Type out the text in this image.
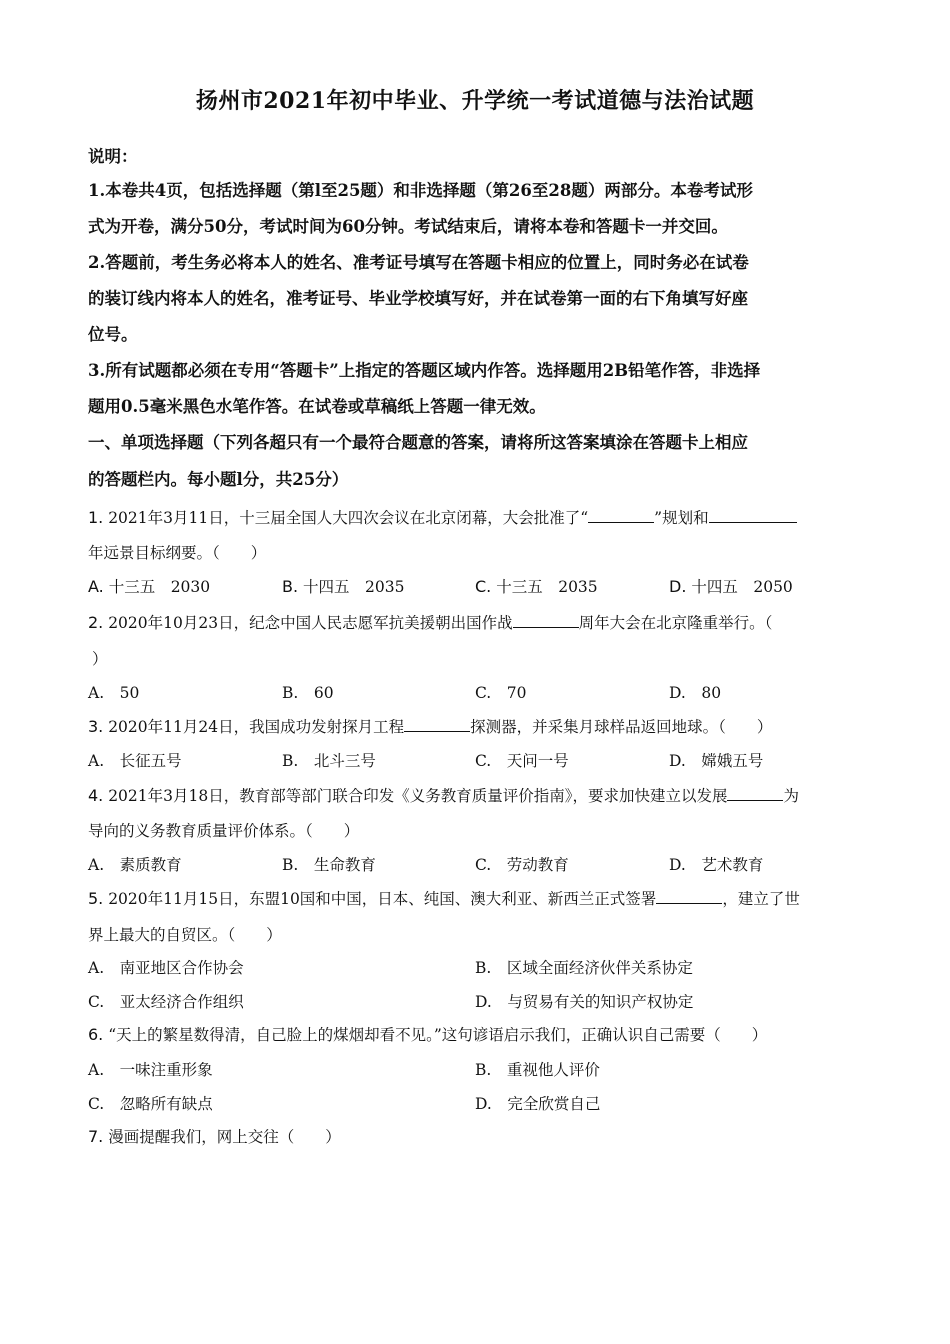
扬州市2021年初中毕业、升学统一考试道德与法治试题
说明：
1.本卷共4页，包括选择题（第l至25题）和非选择题（第26至28题）两部分。本卷考试形
式为开卷，满分50分，考试时间为60分钟。考试结束后，请将本卷和答题卡一并交回。
2.答题前，考生务必将本人的姓名、准考证号填写在答题卡相应的位置上，同时务必在试卷
的装订线内将本人的姓名，准考证号、毕业学校填写好，并在试卷第一面的右下角填写好座
位号。
3.所有试题都必须在专用“答题卡”上指定的答题区域内作答。选择题用2B铅笔作答，非选择
题用0.5毫米黑色水笔作答。在试卷或草稿纸上答题一律无效。
一、单项选择题（下列各超只有一个最符合题意的答案，请将所这答案填涂在答题卡上相应
的答题栏内。每小题l分，共25分）
1. 2021年3月11日，十三届全国人大四次会议在北京闭幕，大会批准了“	”规划和
年远景目标纲要。（　　）
A. 十三五　2030	B. 十四五　2035	C. 十三五　2035	D. 十四五　2050
2. 2020年10月23日，纪念中国人民志愿军抗美援朝出国作战	周年大会在北京隆重举行。（
）
A.　 50	B.　 60	C.　 70	D.　 80
3. 2020年11月24日，我国成功发射探月工程	探测器，并采集月球样品返回地球。（　　）
A.　 长征五号	B.　 北斗三号	C.　 天问一号	D.　 嫦娥五号
4. 2021年3月18日，教育部等部门联合印发《义务教育质量评价指南》，要求加快建立以发展	为
导向的义务教育质量评价体系。（　　）
A.　 素质教育	B.　 生命教育	C.　 劳动教育	D.　 艺术教育
5. 2020年11月15日，东盟10国和中国，日本、纯国、澳大利亚、新西兰正式签署	，建立了世
界上最大的自贸区。（　　）
A.　 南亚地区合作协会	B.　 区域全面经济伙伴关系协定
C.　 亚太经济合作组织	D.　 与贸易有关的知识产权协定
6. “天上的繁星数得清，自己脸上的煤烟却看不见。”这句谚语启示我们，正确认识自己需要（　　）
A.　 一味注重形象	B.　 重视他人评价
C.　 忽略所有缺点	D.　 完全欣赏自己
7. 漫画提醒我们，网上交往（　　）
